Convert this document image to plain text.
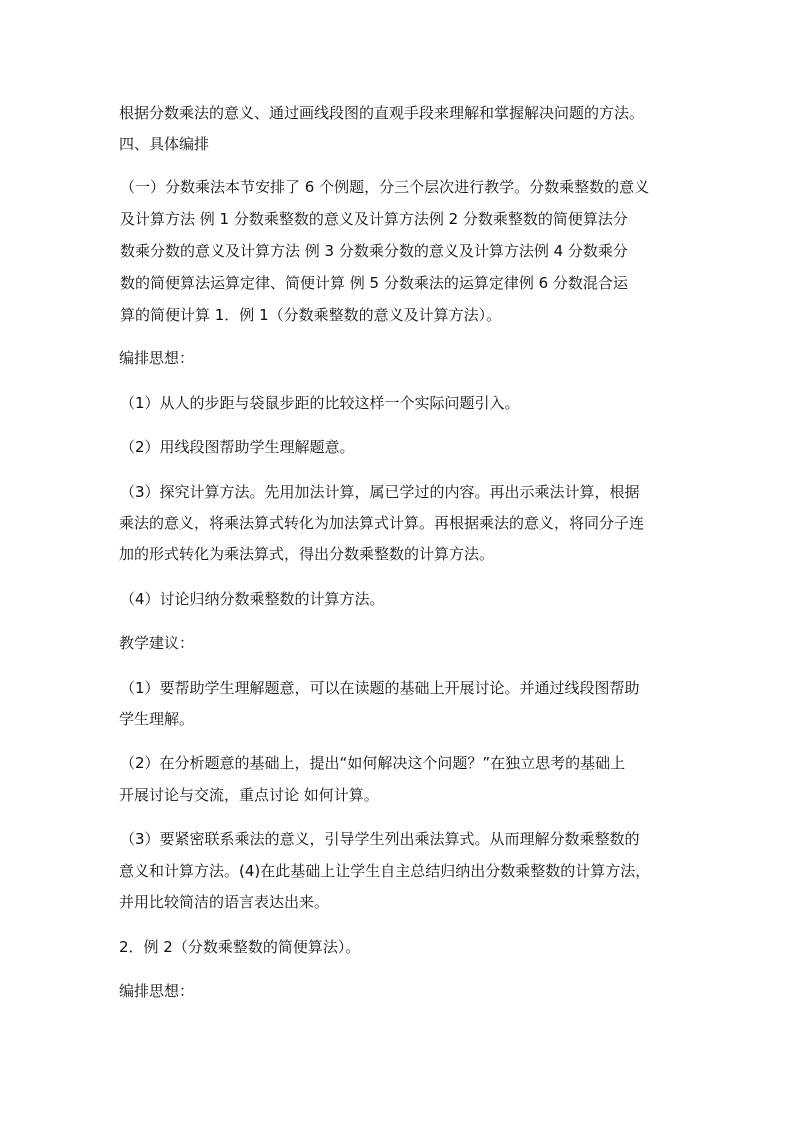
根据分数乘法的意义、通过画线段图的直观手段来理解和掌握解决问题的方法。
四、具体编排
（一）分数乘法本节安排了 6 个例题，分三个层次进行教学。分数乘整数的意义
及计算方法 例 1 分数乘整数的意义及计算方法例 2 分数乘整数的简便算法分
数乘分数的意义及计算方法 例 3 分数乘分数的意义及计算方法例 4 分数乘分
数的简便算法运算定律、简便计算 例 5 分数乘法的运算定律例 6 分数混合运
算的简便计算 1．例 1（分数乘整数的意义及计算方法）。
编排思想：
（1）从人的步距与袋鼠步距的比较这样一个实际问题引入。
（2）用线段图帮助学生理解题意。
（3）探究计算方法。先用加法计算，属已学过的内容。再出示乘法计算，根据
乘法的意义，将乘法算式转化为加法算式计算。再根据乘法的意义，将同分子连
加的形式转化为乘法算式，得出分数乘整数的计算方法。
（4）讨论归纳分数乘整数的计算方法。
教学建议：
（1）要帮助学生理解题意，可以在读题的基础上开展讨论。并通过线段图帮助
学生理解。
（2）在分析题意的基础上，提出“如何解决这个问题？”在独立思考的基础上
开展讨论与交流，重点讨论 如何计算。
（3）要紧密联系乘法的意义，引导学生列出乘法算式。从而理解分数乘整数的
意义和计算方法。(4)在此基础上让学生自主总结归纳出分数乘整数的计算方法，
并用比较简洁的语言表达出来。
2．例 2（分数乘整数的简便算法）。
编排思想：
